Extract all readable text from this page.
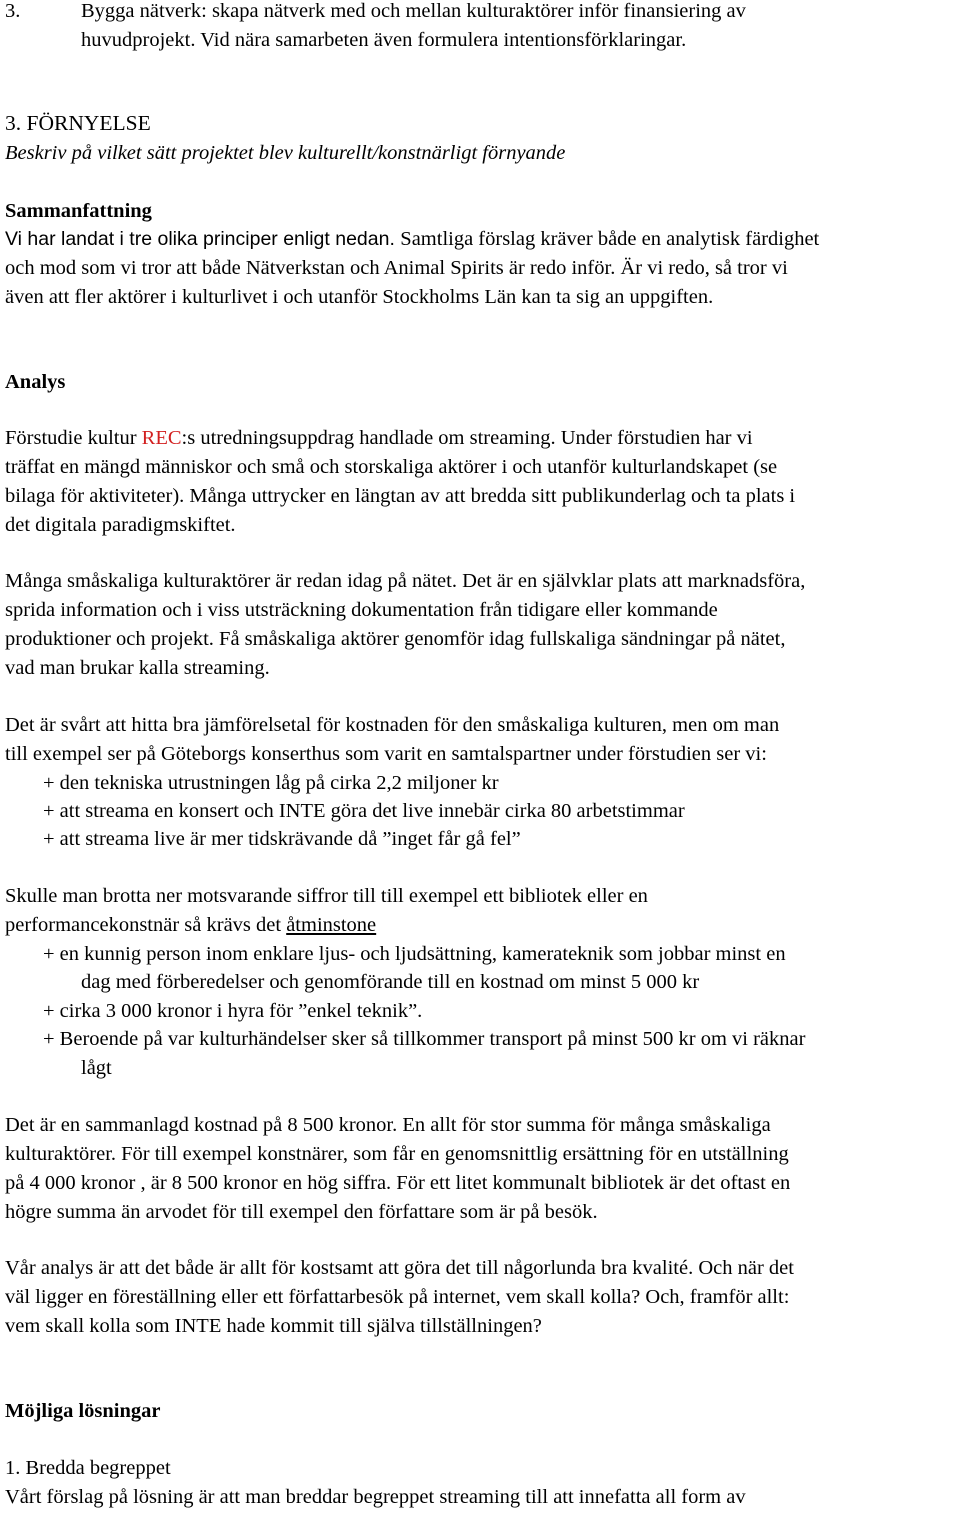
3.	Bygga nätverk: skapa nätverk med och mellan kulturaktörer inför finansiering av
huvudprojekt. Vid nära samarbeten även formulera intentionsförklaringar.
3. FÖRNYELSE
Beskriv på vilket sätt projektet blev kulturellt/konstnärligt förnyande
Sammanfattning
Vi har landat i tre olika principer enligt nedan. Samtliga förslag kräver både en analytisk färdighet
och mod som vi tror att både Nätverkstan och Animal Spirits är redo inför. Är vi redo, så tror vi
även att fler aktörer i kulturlivet i och utanför Stockholms Län kan ta sig an uppgiften.
Analys
Förstudie kultur REC:s utredningsuppdrag handlade om streaming. Under förstudien har vi
träffat en mängd människor och små och storskaliga aktörer i och utanför kulturlandskapet (se
bilaga för aktiviteter). Många uttrycker en längtan av att bredda sitt publikunderlag och ta plats i
det digitala paradigmskiftet.
Många småskaliga kulturaktörer är redan idag på nätet. Det är en självklar plats att marknadsföra,
sprida information och i viss utsträckning dokumentation från tidigare eller kommande
produktioner och projekt. Få småskaliga aktörer genomför idag fullskaliga sändningar på nätet,
vad man brukar kalla streaming.
Det är svårt att hitta bra jämförelsetal för kostnaden för den småskaliga kulturen, men om man
till exempel ser på Göteborgs konserthus som varit en samtalspartner under förstudien ser vi:
+ den tekniska utrustningen låg på cirka 2,2 miljoner kr
+ att streama en konsert och INTE göra det live innebär cirka 80 arbetstimmar
+ att streama live är mer tidskrävande då ”inget får gå fel”
Skulle man brotta ner motsvarande siffror till till exempel ett bibliotek eller en
performancekonstnär så krävs det åtminstone
+ en kunnig person inom enklare ljus- och ljudsättning, kamerateknik som jobbar minst en
dag med förberedelser och genomförande till en kostnad om minst 5 000 kr
+ cirka 3 000 kronor i hyra för ”enkel teknik”.
+ Beroende på var kulturhändelser sker så tillkommer transport på minst 500 kr om vi räknar
lågt
Det är en sammanlagd kostnad på 8 500 kronor. En allt för stor summa för många småskaliga
kulturaktörer. För till exempel konstnärer, som får en genomsnittlig ersättning för en utställning
på 4 000 kronor , är 8 500 kronor en hög siffra. För ett litet kommunalt bibliotek är det oftast en
högre summa än arvodet för till exempel den författare som är på besök.
Vår analys är att det både är allt för kostsamt att göra det till någorlunda bra kvalité. Och när det
väl ligger en föreställning eller ett författarbesök på internet, vem skall kolla? Och, framför allt:
vem skall kolla som INTE hade kommit till själva tillställningen?
Möjliga lösningar
1. Bredda begreppet
Vårt förslag på lösning är att man breddar begreppet streaming till att innefatta all form av
